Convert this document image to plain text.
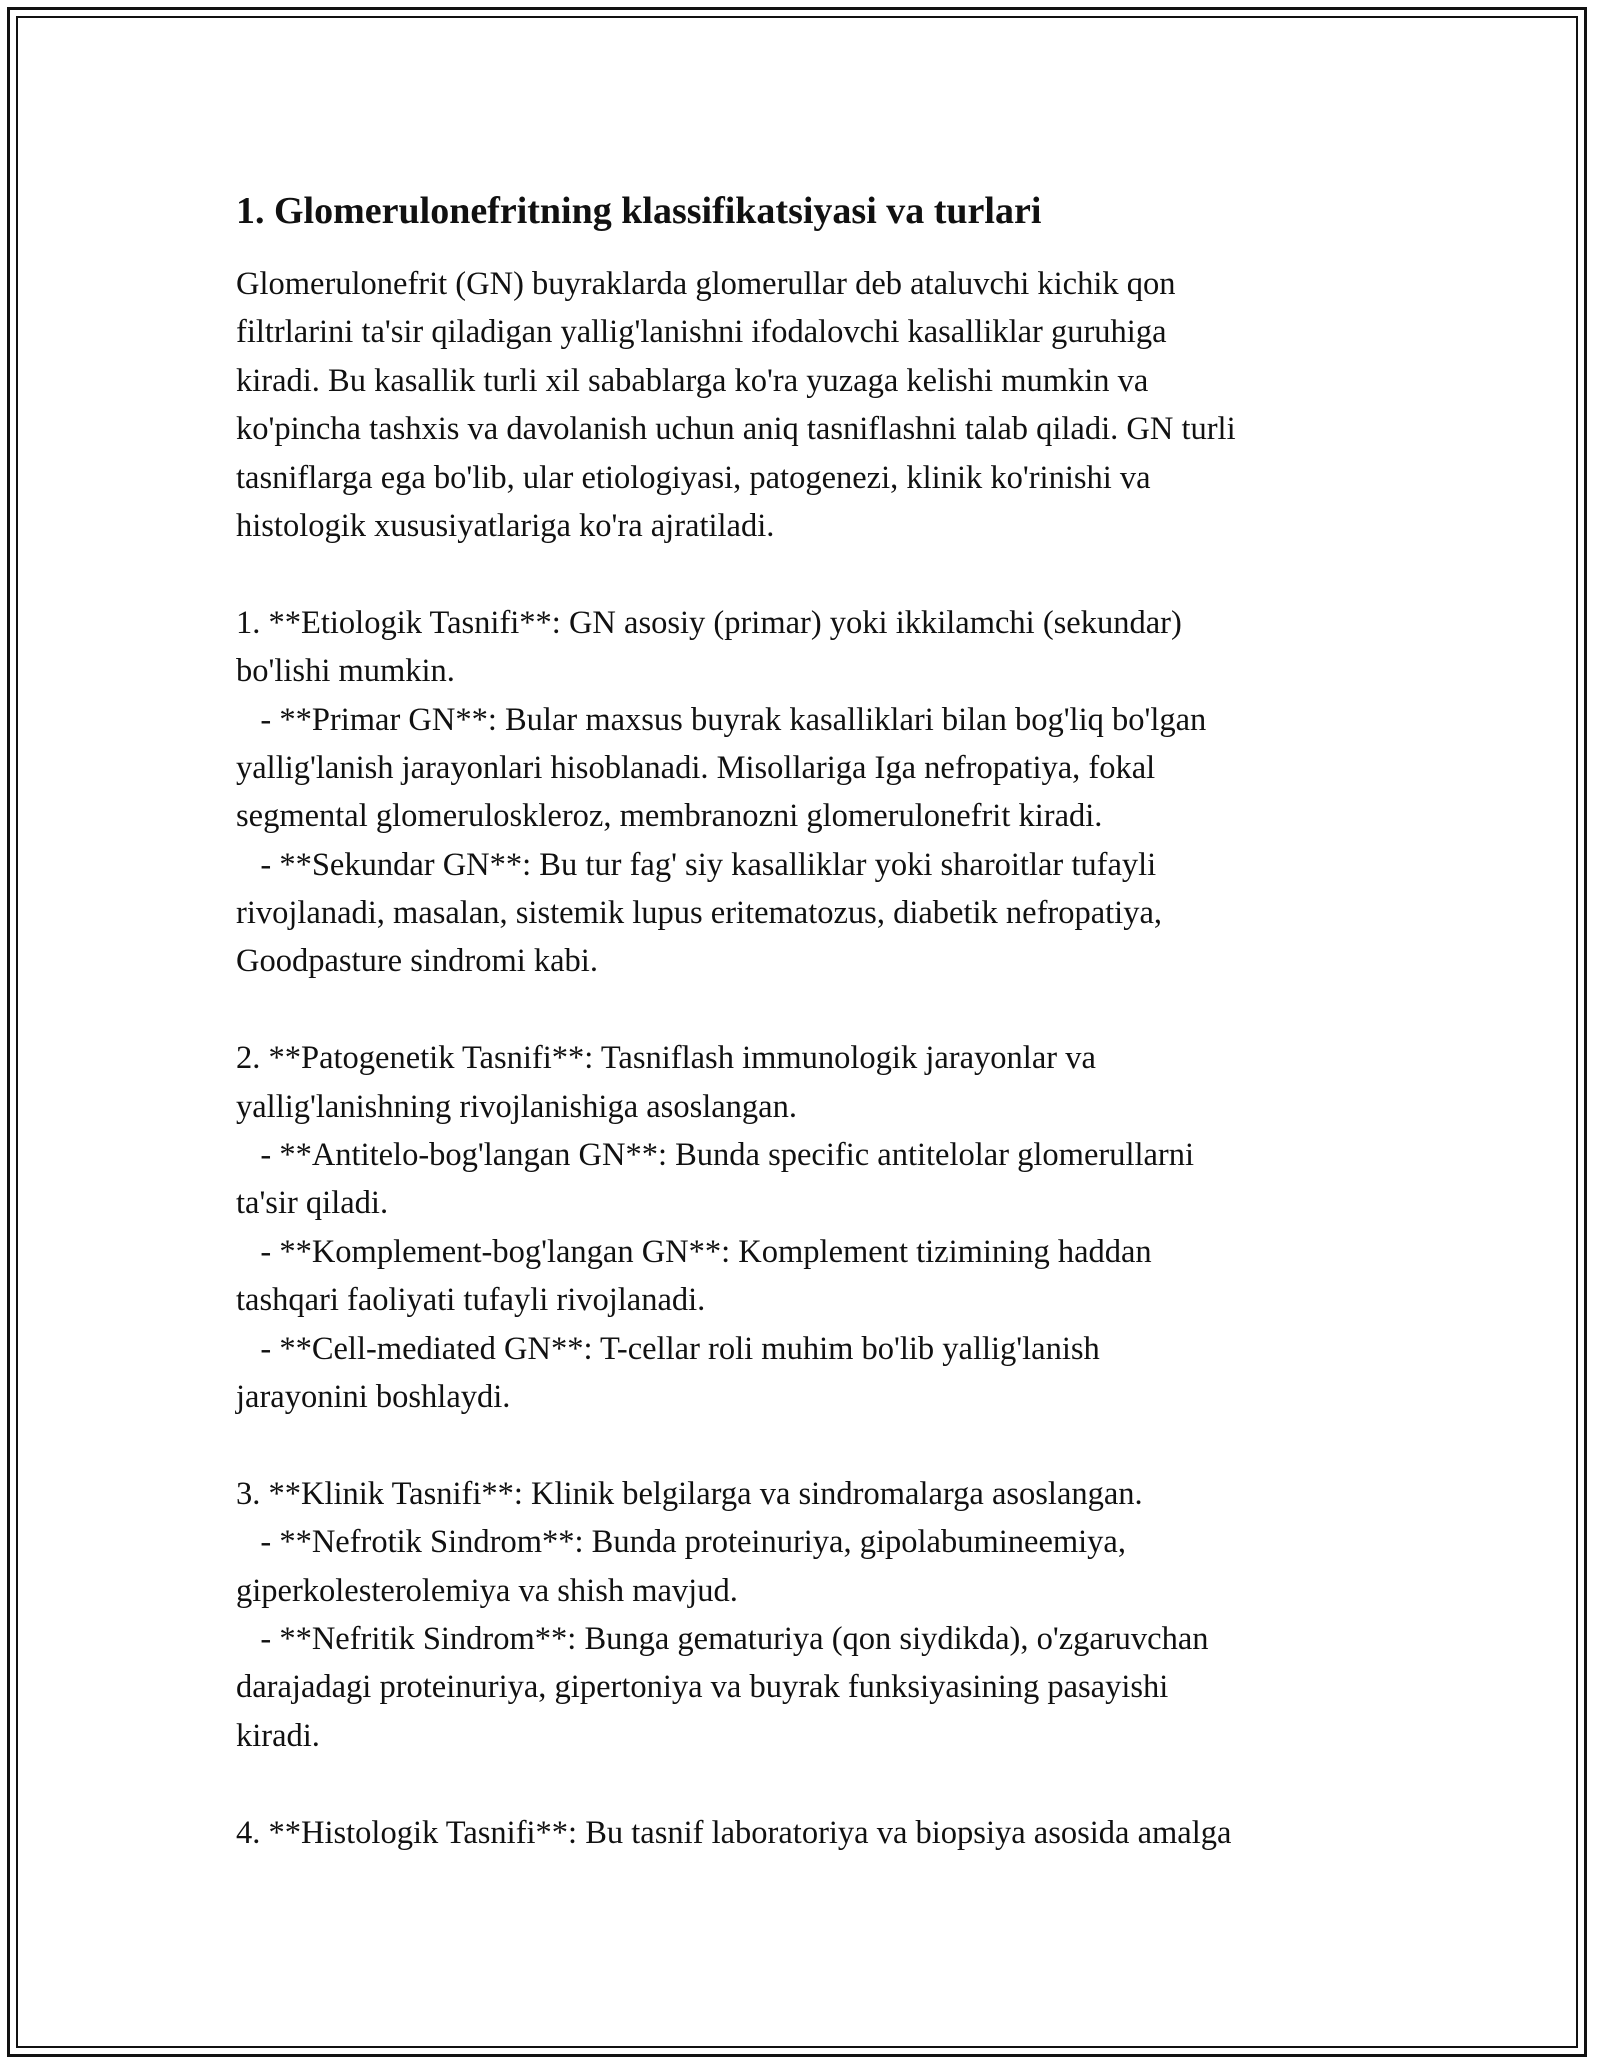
1. Glomerulonefritning klassifikatsiyasi va turlari
Glomerulonefrit (GN) buyraklarda glomerullar deb ataluvchi kichik qon
filtrlarini ta'sir qiladigan yallig'lanishni ifodalovchi kasalliklar guruhiga
kiradi. Bu kasallik turli xil sabablarga ko'ra yuzaga kelishi mumkin va
ko'pincha tashxis va davolanish uchun aniq tasniflashni talab qiladi. GN turli
tasniflarga ega bo'lib, ular etiologiyasi, patogenezi, klinik ko'rinishi va
histologik xususiyatlariga ko'ra ajratiladi.
1. **Etiologik Tasnifi**: GN asosiy (primar) yoki ikkilamchi (sekundar)
bo'lishi mumkin.
- **Primar GN**: Bular maxsus buyrak kasalliklari bilan bog'liq bo'lgan
yallig'lanish jarayonlari hisoblanadi. Misollariga Iga nefropatiya, fokal
segmental glomeruloskleroz, membranozni glomerulonefrit kiradi.
- **Sekundar GN**: Bu tur fag' siy kasalliklar yoki sharoitlar tufayli
rivojlanadi, masalan, sistemik lupus eritematozus, diabetik nefropatiya,
Goodpasture sindromi kabi.
2. **Patogenetik Tasnifi**: Tasniflash immunologik jarayonlar va
yallig'lanishning rivojlanishiga asoslangan.
- **Antitelo-bog'langan GN**: Bunda specific antitelolar glomerullarni
ta'sir qiladi.
- **Komplement-bog'langan GN**: Komplement tizimining haddan
tashqari faoliyati tufayli rivojlanadi.
- **Cell-mediated GN**: T-cellar roli muhim bo'lib yallig'lanish
jarayonini boshlaydi.
3. **Klinik Tasnifi**: Klinik belgilarga va sindromalarga asoslangan.
- **Nefrotik Sindrom**: Bunda proteinuriya, gipolabumineemiya,
giperkolesterolemiya va shish mavjud.
- **Nefritik Sindrom**: Bunga gematuriya (qon siydikda), o'zgaruvchan
darajadagi proteinuriya, gipertoniya va buyrak funksiyasining pasayishi
kiradi.
4. **Histologik Tasnifi**: Bu tasnif laboratoriya va biopsiya asosida amalga
